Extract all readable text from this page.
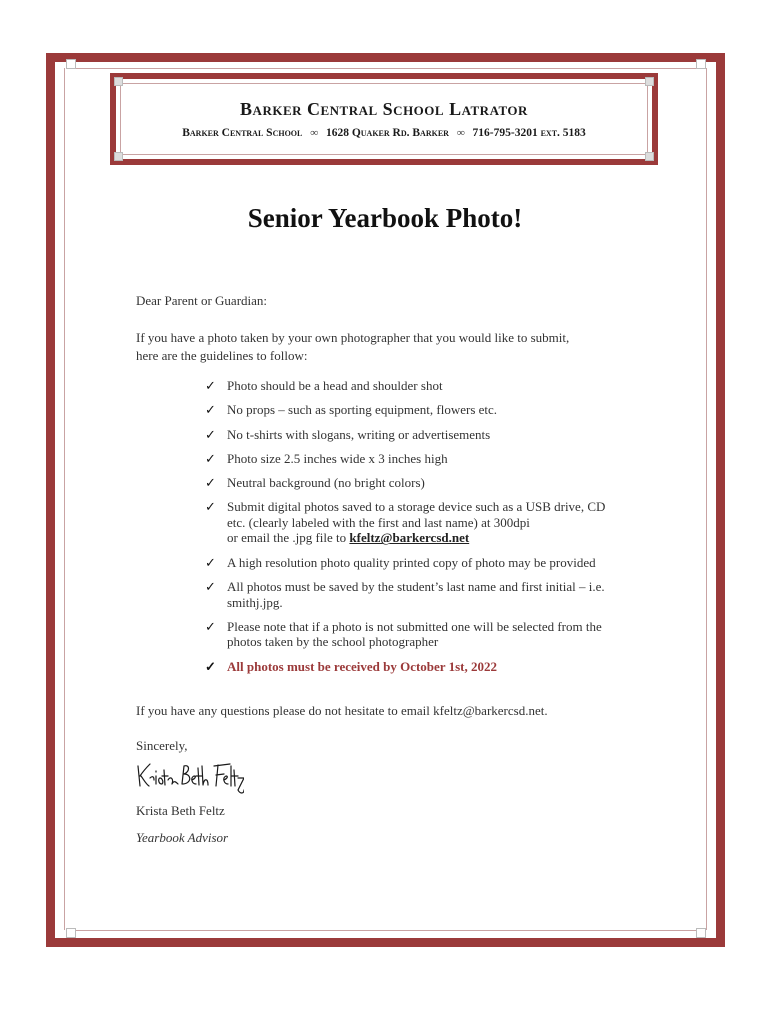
Barker Central School Latrator
Barker Central School ∞ 1628 Quaker Rd. Barker ∞ 716-795-3201 ext. 5183
Senior Yearbook Photo!
Dear Parent or Guardian:
If you have a photo taken by your own photographer that you would like to submit,
here are the guidelines to follow:
✓ Photo should be a head and shoulder shot
✓ No props – such as sporting equipment, flowers etc.
✓ No t-shirts with slogans, writing or advertisements
✓ Photo size 2.5 inches wide x 3 inches high
✓ Neutral background (no bright colors)
✓ Submit digital photos saved to a storage device such as a USB drive, CD etc. (clearly labeled with the first and last name) at 300dpi
or email the .jpg file to kfeltz@barkercsd.net
✓ A high resolution photo quality printed copy of photo may be provided
✓ All photos must be saved by the student’s last name and first initial – i.e. smithj.jpg.
✓ Please note that if a photo is not submitted one will be selected from the photos taken by the school photographer
✓ All photos must be received by October 1st, 2022
If you have any questions please do not hesitate to email kfeltz@barkercsd.net.
Sincerely,
Krista Beth Feltz
Yearbook Advisor
